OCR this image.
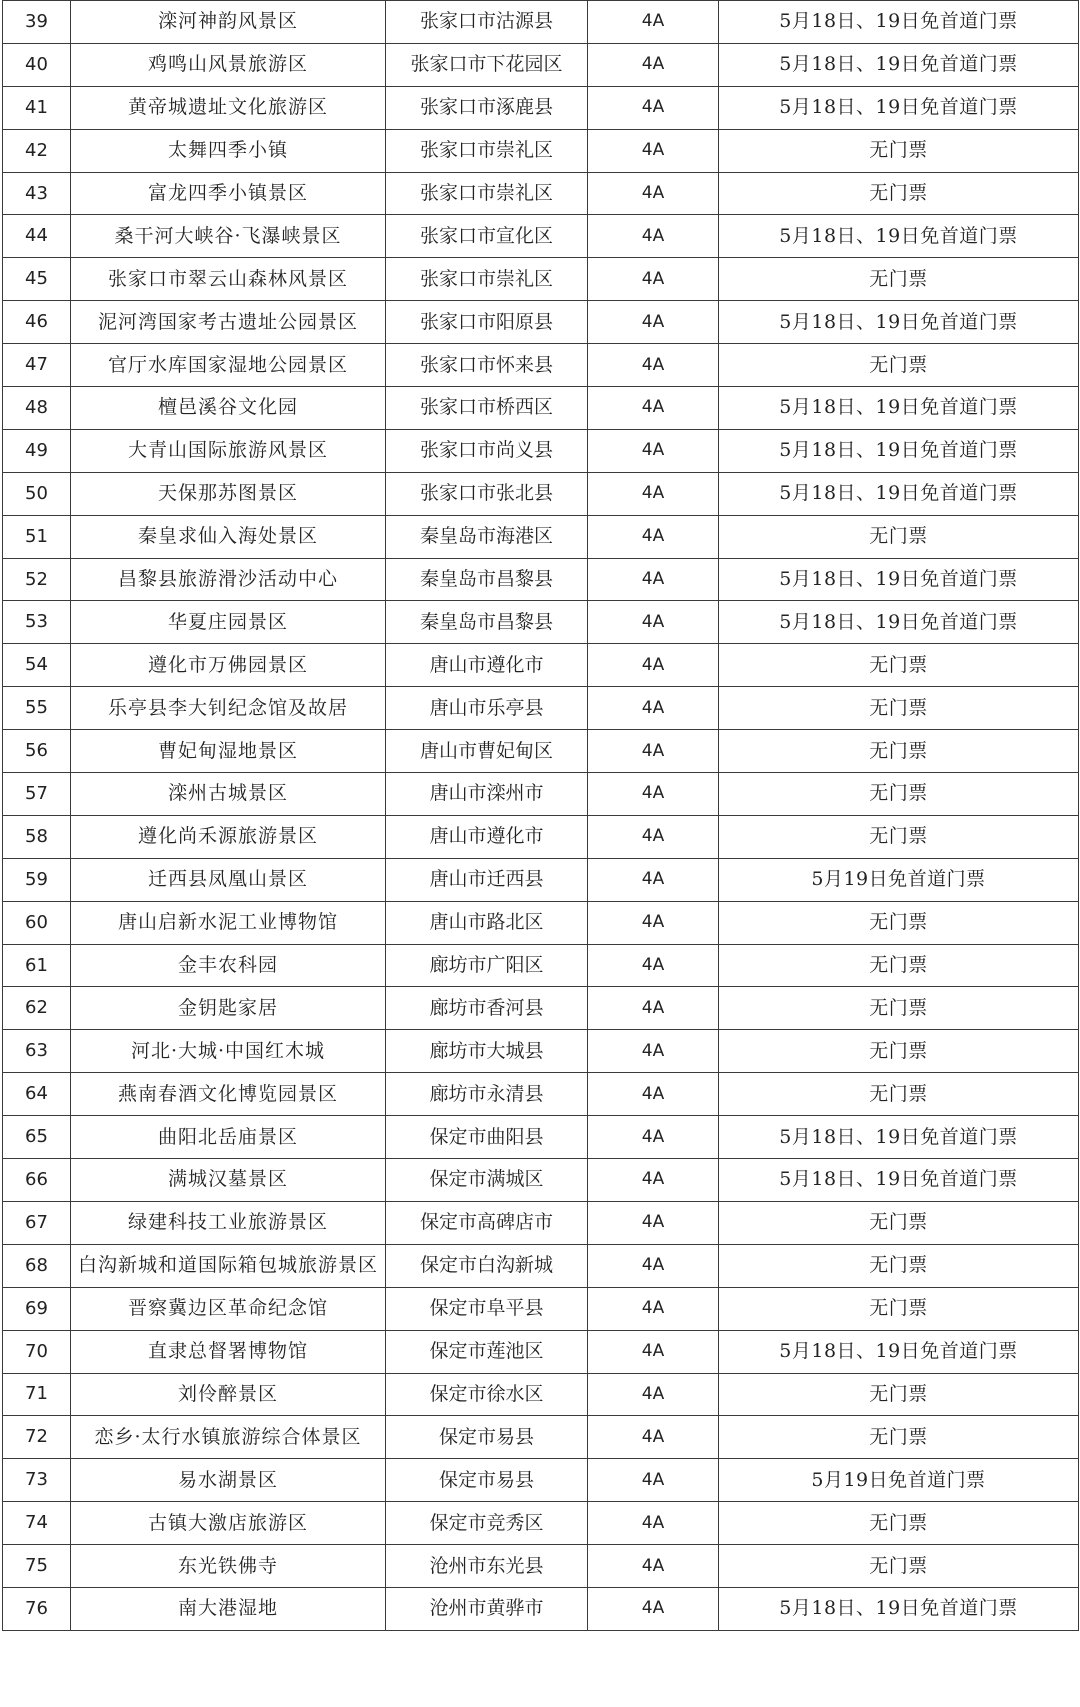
39	滦河神韵风景区	张家口市沽源县	4A	5月18日、19日免首道门票
40	鸡鸣山风景旅游区	张家口市下花园区	4A	5月18日、19日免首道门票
41	黄帝城遗址文化旅游区	张家口市涿鹿县	4A	5月18日、19日免首道门票
42	太舞四季小镇	张家口市崇礼区	4A	无门票
43	富龙四季小镇景区	张家口市崇礼区	4A	无门票
44	桑干河大峡谷·飞瀑峡景区	张家口市宣化区	4A	5月18日、19日免首道门票
45	张家口市翠云山森林风景区	张家口市崇礼区	4A	无门票
46	泥河湾国家考古遗址公园景区	张家口市阳原县	4A	5月18日、19日免首道门票
47	官厅水库国家湿地公园景区	张家口市怀来县	4A	无门票
48	檀邑溪谷文化园	张家口市桥西区	4A	5月18日、19日免首道门票
49	大青山国际旅游风景区	张家口市尚义县	4A	5月18日、19日免首道门票
50	天保那苏图景区	张家口市张北县	4A	5月18日、19日免首道门票
51	秦皇求仙入海处景区	秦皇岛市海港区	4A	无门票
52	昌黎县旅游滑沙活动中心	秦皇岛市昌黎县	4A	5月18日、19日免首道门票
53	华夏庄园景区	秦皇岛市昌黎县	4A	5月18日、19日免首道门票
54	遵化市万佛园景区	唐山市遵化市	4A	无门票
55	乐亭县李大钊纪念馆及故居	唐山市乐亭县	4A	无门票
56	曹妃甸湿地景区	唐山市曹妃甸区	4A	无门票
57	滦州古城景区	唐山市滦州市	4A	无门票
58	遵化尚禾源旅游景区	唐山市遵化市	4A	无门票
59	迁西县凤凰山景区	唐山市迁西县	4A	5月19日免首道门票
60	唐山启新水泥工业博物馆	唐山市路北区	4A	无门票
61	金丰农科园	廊坊市广阳区	4A	无门票
62	金钥匙家居	廊坊市香河县	4A	无门票
63	河北·大城·中国红木城	廊坊市大城县	4A	无门票
64	燕南春酒文化博览园景区	廊坊市永清县	4A	无门票
65	曲阳北岳庙景区	保定市曲阳县	4A	5月18日、19日免首道门票
66	满城汉墓景区	保定市满城区	4A	5月18日、19日免首道门票
67	绿建科技工业旅游景区	保定市高碑店市	4A	无门票
68	白沟新城和道国际箱包城旅游景区	保定市白沟新城	4A	无门票
69	晋察冀边区革命纪念馆	保定市阜平县	4A	无门票
70	直隶总督署博物馆	保定市莲池区	4A	5月18日、19日免首道门票
71	刘伶醉景区	保定市徐水区	4A	无门票
72	恋乡·太行水镇旅游综合体景区	保定市易县	4A	无门票
73	易水湖景区	保定市易县	4A	5月19日免首道门票
74	古镇大激店旅游区	保定市竞秀区	4A	无门票
75	东光铁佛寺	沧州市东光县	4A	无门票
76	南大港湿地	沧州市黄骅市	4A	5月18日、19日免首道门票
